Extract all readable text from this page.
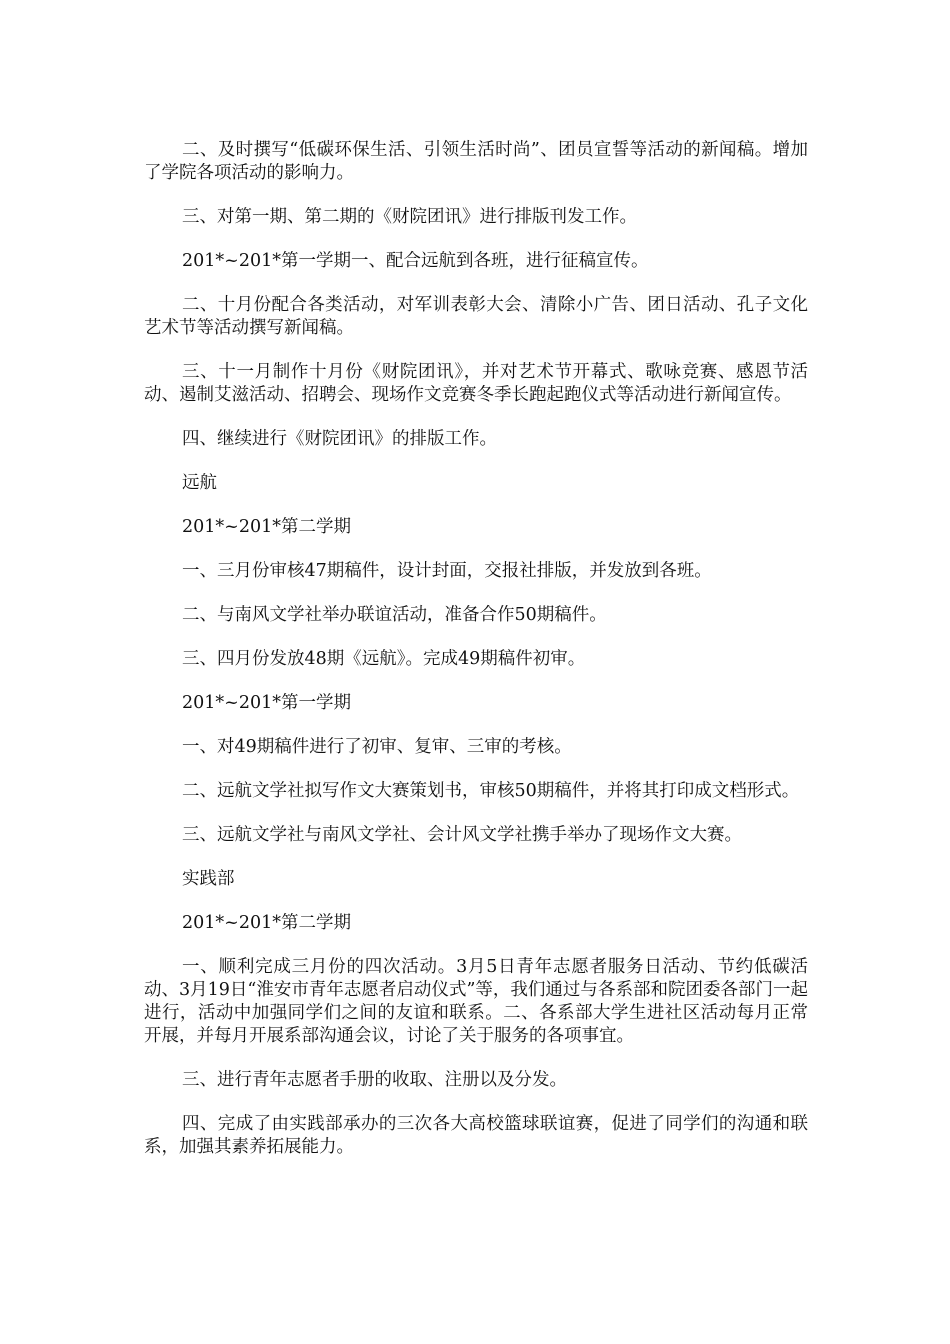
二、及时撰写“低碳环保生活、引领生活时尚”、团员宣誓等活动的新闻稿。增加了学院各项活动的影响力。

三、对第一期、第二期的《财院团讯》进行排版刊发工作。

201*~201*第一学期一、配合远航到各班，进行征稿宣传。

二、十月份配合各类活动，对军训表彰大会、清除小广告、团日活动、孔子文化艺术节等活动撰写新闻稿。

三、十一月制作十月份《财院团讯》，并对艺术节开幕式、歌咏竞赛、感恩节活动、遏制艾滋活动、招聘会、现场作文竞赛冬季长跑起跑仪式等活动进行新闻宣传。

四、继续进行《财院团讯》的排版工作。

远航

201*~201*第二学期

一、三月份审核47期稿件，设计封面，交报社排版，并发放到各班。

二、与南风文学社举办联谊活动，准备合作50期稿件。

三、四月份发放48期《远航》。完成49期稿件初审。

201*~201*第一学期

一、对49期稿件进行了初审、复审、三审的考核。

二、远航文学社拟写作文大赛策划书，审核50期稿件，并将其打印成文档形式。

三、远航文学社与南风文学社、会计风文学社携手举办了现场作文大赛。

实践部

201*~201*第二学期

一、顺利完成三月份的四次活动。3月5日青年志愿者服务日活动、节约低碳活动、3月19日“淮安市青年志愿者启动仪式”等，我们通过与各系部和院团委各部门一起进行，活动中加强同学们之间的友谊和联系。二、各系部大学生进社区活动每月正常开展，并每月开展系部沟通会议，讨论了关于服务的各项事宜。

三、进行青年志愿者手册的收取、注册以及分发。

四、完成了由实践部承办的三次各大高校篮球联谊赛，促进了同学们的沟通和联系，加强其素养拓展能力。
